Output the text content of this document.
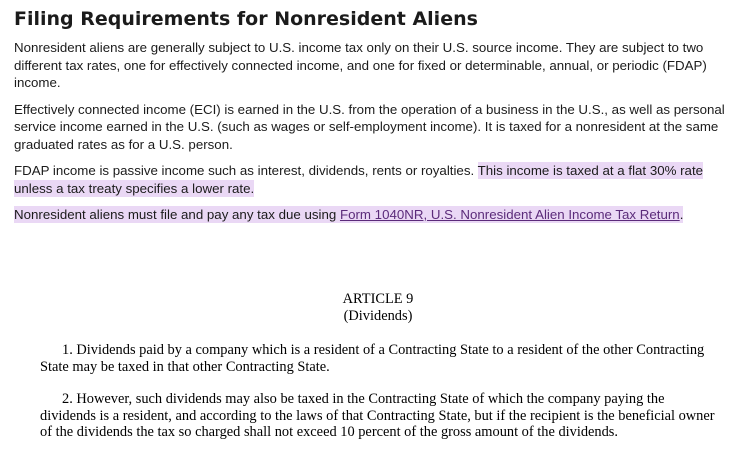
Filing Requirements for Nonresident Aliens

Nonresident aliens are generally subject to U.S. income tax only on their U.S. source income. They are subject to two different tax rates, one for effectively connected income, and one for fixed or determinable, annual, or periodic (FDAP) income.

Effectively connected income (ECI) is earned in the U.S. from the operation of a business in the U.S., as well as personal service income earned in the U.S. (such as wages or self-employment income). It is taxed for a nonresident at the same graduated rates as for a U.S. person.

FDAP income is passive income such as interest, dividends, rents or royalties. This income is taxed at a flat 30% rate unless a tax treaty specifies a lower rate.

Nonresident aliens must file and pay any tax due using Form 1040NR, U.S. Nonresident Alien Income Tax Return.

ARTICLE 9

(Dividends)

1. Dividends paid by a company which is a resident of a Contracting State to a resident of the other Contracting State may be taxed in that other Contracting State.

2. However, such dividends may also be taxed in the Contracting State of which the company paying the dividends is a resident, and according to the laws of that Contracting State, but if the recipient is the beneficial owner of the dividends the tax so charged shall not exceed 10 percent of the gross amount of the dividends.
